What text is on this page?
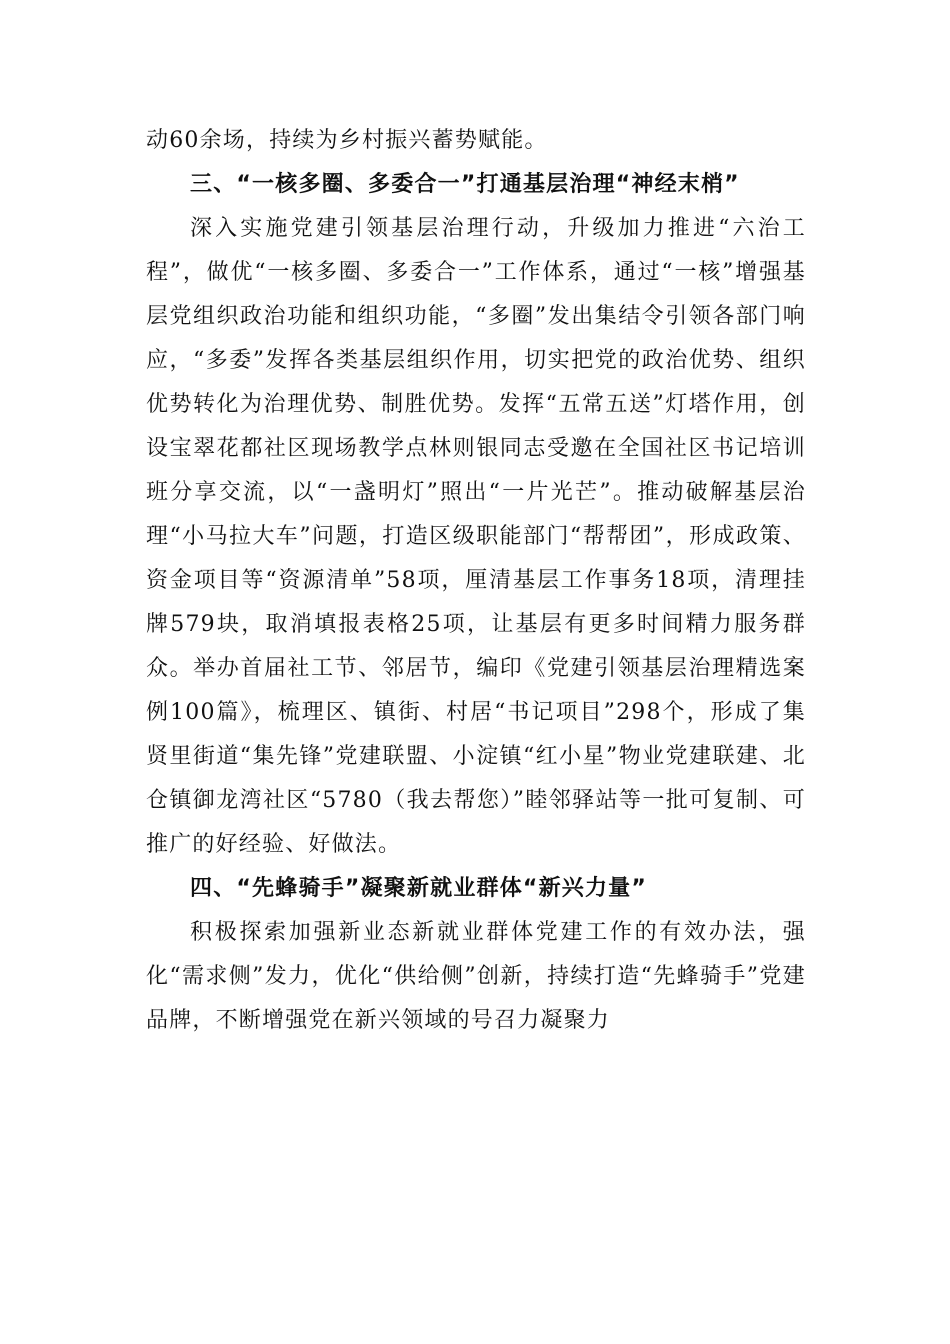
动60余场，持续为乡村振兴蓄势赋能。

三、“一核多圈、多委合一”打通基层治理“神经末梢”

深入实施党建引领基层治理行动，升级加力推进“六治工程”，做优“一核多圈、多委合一”工作体系，通过“一核”增强基层党组织政治功能和组织功能，“多圈”发出集结令引领各部门响应，“多委”发挥各类基层组织作用，切实把党的政治优势、组织优势转化为治理优势、制胜优势。发挥“五常五送”灯塔作用，创设宝翠花都社区现场教学点林则银同志受邀在全国社区书记培训班分享交流，以“一盏明灯”照出“一片光芒”。推动破解基层治理“小马拉大车”问题，打造区级职能部门“帮帮团”，形成政策、资金项目等“资源清单”58项，厘清基层工作事务18项，清理挂牌579块，取消填报表格25项，让基层有更多时间精力服务群众。举办首届社工节、邻居节，编印《党建引领基层治理精选案例100篇》，梳理区、镇街、村居“书记项目”298个，形成了集贤里街道“集先锋”党建联盟、小淀镇“红小星”物业党建联建、北仓镇御龙湾社区“5780（我去帮您）”睦邻驿站等一批可复制、可推广的好经验、好做法。

四、“先蜂骑手”凝聚新就业群体“新兴力量”

积极探索加强新业态新就业群体党建工作的有效办法，强化“需求侧”发力，优化“供给侧”创新，持续打造“先蜂骑手”党建品牌，不断增强党在新兴领域的号召力凝聚力
